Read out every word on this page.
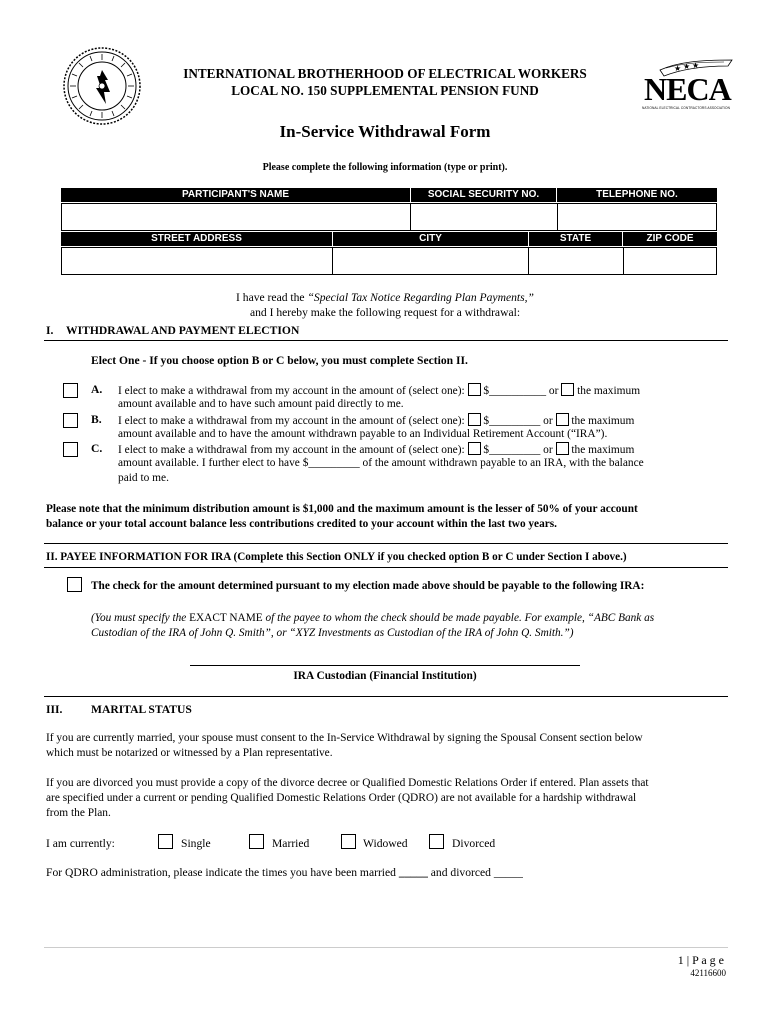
INTERNATIONAL BROTHERHOOD OF ELECTRICAL WORKERS
LOCAL NO. 150 SUPPLEMENTAL PENSION FUND
★ ★ ★
NECA
NATIONAL ELECTRICAL CONTRACTORS ASSOCIATION
In-Service Withdrawal Form
Please complete the following information (type or print).
PARTICIPANT'S NAME	SOCIAL SECURITY NO.	TELEPHONE NO.
STREET ADDRESS	CITY	STATE	ZIP CODE
I have read the “Special Tax Notice Regarding Plan Payments,”
and I hereby make the following request for a withdrawal:
I. WITHDRAWAL AND PAYMENT ELECTION
Elect One - If you choose option B or C below, you must complete Section II.
A. I elect to make a withdrawal from my account in the amount of (select one): $__________ or the maximum
amount available and to have such amount paid directly to me.
B. I elect to make a withdrawal from my account in the amount of (select one): $_________ or the maximum
amount available and to have the amount withdrawn payable to an Individual Retirement Account (“IRA”).
C. I elect to make a withdrawal from my account in the amount of (select one): $_________ or the maximum
amount available. I further elect to have $_________ of the amount withdrawn payable to an IRA, with the balance
paid to me.
Please note that the minimum distribution amount is $1,000 and the maximum amount is the lesser of 50% of your account
balance or your total account balance less contributions credited to your account within the last two years.
II. PAYEE INFORMATION FOR IRA (Complete this Section ONLY if you checked option B or C under Section I above.)
The check for the amount determined pursuant to my election made above should be payable to the following IRA:
(You must specify the EXACT NAME of the payee to whom the check should be made payable. For example, “ABC Bank as
Custodian of the IRA of John Q. Smith”, or “XYZ Investments as Custodian of the IRA of John Q. Smith.”)
IRA Custodian (Financial Institution)
III. MARITAL STATUS
If you are currently married, your spouse must consent to the In-Service Withdrawal by signing the Spousal Consent section below
which must be notarized or witnessed by a Plan representative.
If you are divorced you must provide a copy of the divorce decree or Qualified Domestic Relations Order if entered. Plan assets that
are specified under a current or pending Qualified Domestic Relations Order (QDRO) are not available for a hardship withdrawal
from the Plan.
I am currently:	Single	Married	Widowed	Divorced
For QDRO administration, please indicate the times you have been married _____ and divorced _____
1 | P a g e
42116600
